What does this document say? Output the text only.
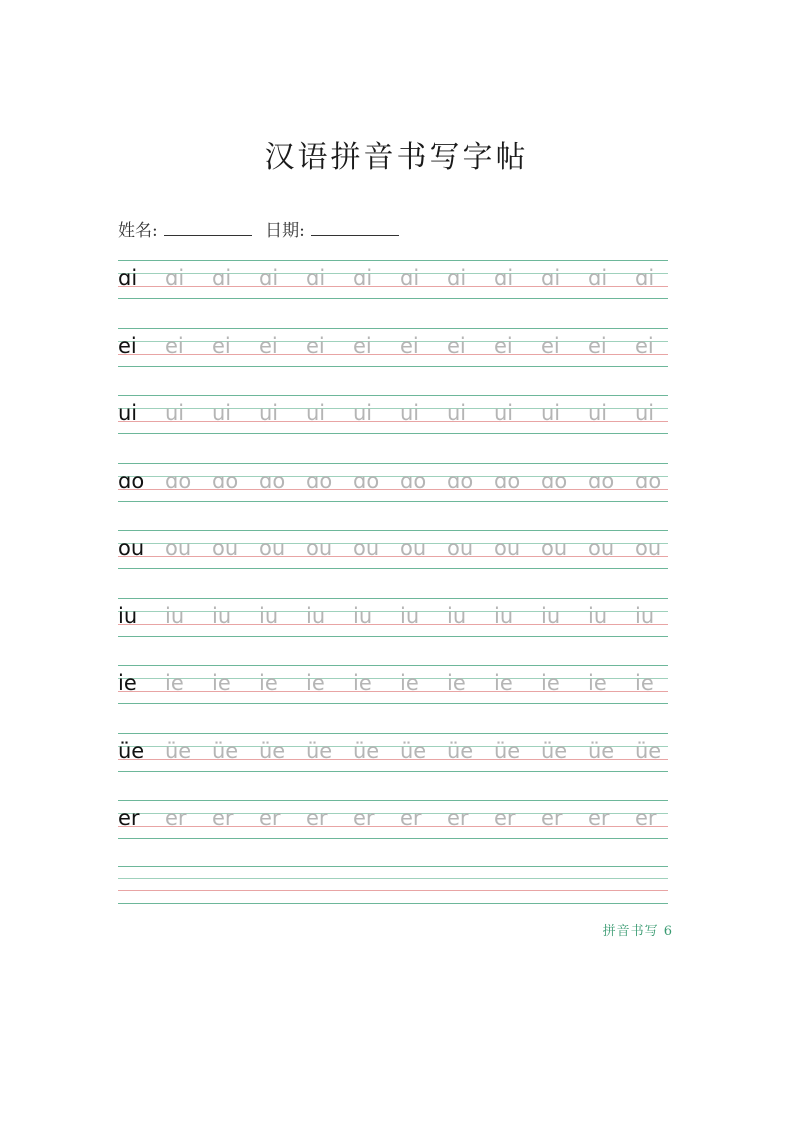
汉语拼音书写字帖
姓名:	日期:
ɑi ɑi ɑi ɑi ɑi ɑi ɑi ɑi ɑi ɑi ɑi ɑi
ei ei ei ei ei ei ei ei ei ei ei ei
ui ui ui ui ui ui ui ui ui ui ui ui
ɑo ɑo ɑo ɑo ɑo ɑo ɑo ɑo ɑo ɑo ɑo ɑo
ou ou ou ou ou ou ou ou ou ou ou ou
iu iu iu iu iu iu iu iu iu iu iu iu
ie ie ie ie ie ie ie ie ie ie ie ie
üe üe üe üe üe üe üe üe üe üe üe üe
er er er er er er er er er er er er
拼音书写 6
